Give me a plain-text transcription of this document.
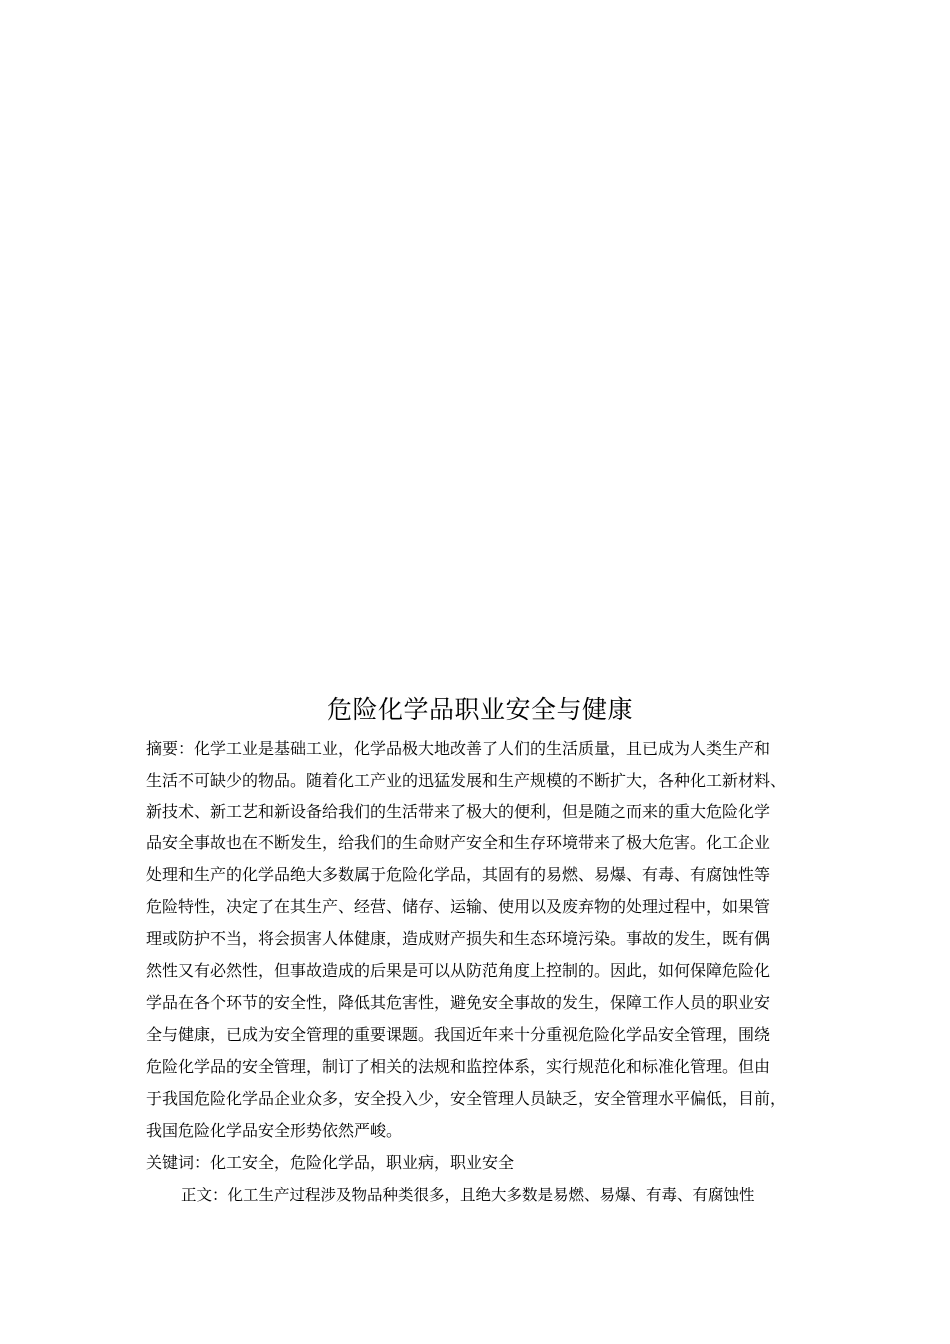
危险化学品职业安全与健康
摘要：化学工业是基础工业，化学品极大地改善了人们的生活质量，且已成为人类生产和
生活不可缺少的物品。随着化工产业的迅猛发展和生产规模的不断扩大，各种化工新材料、
新技术、新工艺和新设备给我们的生活带来了极大的便利，但是随之而来的重大危险化学
品安全事故也在不断发生，给我们的生命财产安全和生存环境带来了极大危害。化工企业
处理和生产的化学品绝大多数属于危险化学品，其固有的易燃、易爆、有毒、有腐蚀性等
危险特性，决定了在其生产、经营、储存、运输、使用以及废弃物的处理过程中，如果管
理或防护不当，将会损害人体健康，造成财产损失和生态环境污染。事故的发生，既有偶
然性又有必然性，但事故造成的后果是可以从防范角度上控制的。因此，如何保障危险化
学品在各个环节的安全性，降低其危害性，避免安全事故的发生，保障工作人员的职业安
全与健康，已成为安全管理的重要课题。我国近年来十分重视危险化学品安全管理，围绕
危险化学品的安全管理，制订了相关的法规和监控体系，实行规范化和标准化管理。但由
于我国危险化学品企业众多，安全投入少，安全管理人员缺乏，安全管理水平偏低，目前，
我国危险化学品安全形势依然严峻。
关键词：化工安全，危险化学品，职业病，职业安全
正文：化工生产过程涉及物品种类很多，且绝大多数是易燃、易爆、有毒、有腐蚀性
